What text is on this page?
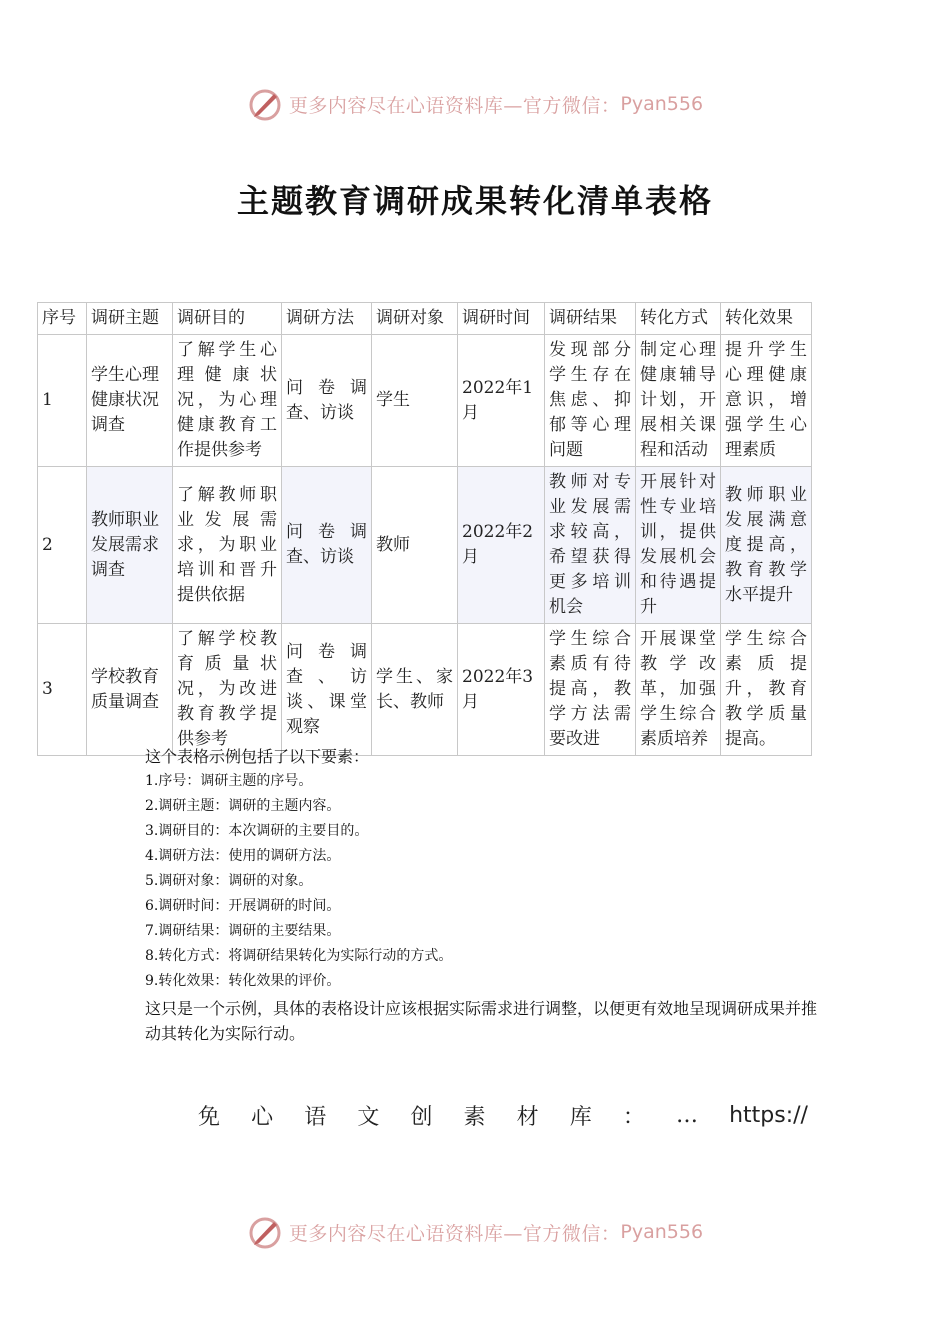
更多内容尽在心语资料库—官方微信： Pyan556
主题教育调研成果转化清单表格
序号	调研主题	调研目的	调研方法	调研对象	调研时间	调研结果	转化方式	转化效果
1	学生心理健康状况调查	了解学生心理健康状况，为心理健康教育工作提供参考	问卷调查、访谈	学生	2022年1月	发现部分学生存在焦虑、抑郁等心理问题	制定心理健康辅导计划，开展相关课程和活动	提升学生心理健康意识，增强学生心理素质
2	教师职业发展需求调查	了解教师职业发展需求，为职业培训和晋升提供依据	问卷调查、访谈	教师	2022年2月	教师对专业发展需求较高，希望获得更多培训机会	开展针对性专业培训，提供发展机会和待遇提升	教师职业发展满意度提高，教育教学水平提升
3	学校教育质量调查	了解学校教育质量状况，为改进教育教学提供参考	问卷调查、访谈、课堂观察	学生、家长、教师	2022年3月	学生综合素质有待提高，教学方法需要改进	开展课堂教学改革，加强学生综合素质培养	学生综合素质提升，教育教学质量提高。
这个表格示例包括了以下要素：
1.序号：调研主题的序号。
2.调研主题：调研的主题内容。
3.调研目的：本次调研的主要目的。
4.调研方法：使用的调研方法。
5.调研对象：调研的对象。
6.调研时间：开展调研的时间。
7.调研结果：调研的主要结果。
8.转化方式：将调研结果转化为实际行动的方式。
9.转化效果：转化效果的评价。
这只是一个示例，具体的表格设计应该根据实际需求进行调整，以便更有效地呈现调研成果并推动其转化为实际行动。
免 心 语 文 创 素 材 库 ： … https://
更多内容尽在心语资料库—官方微信： Pyan556
